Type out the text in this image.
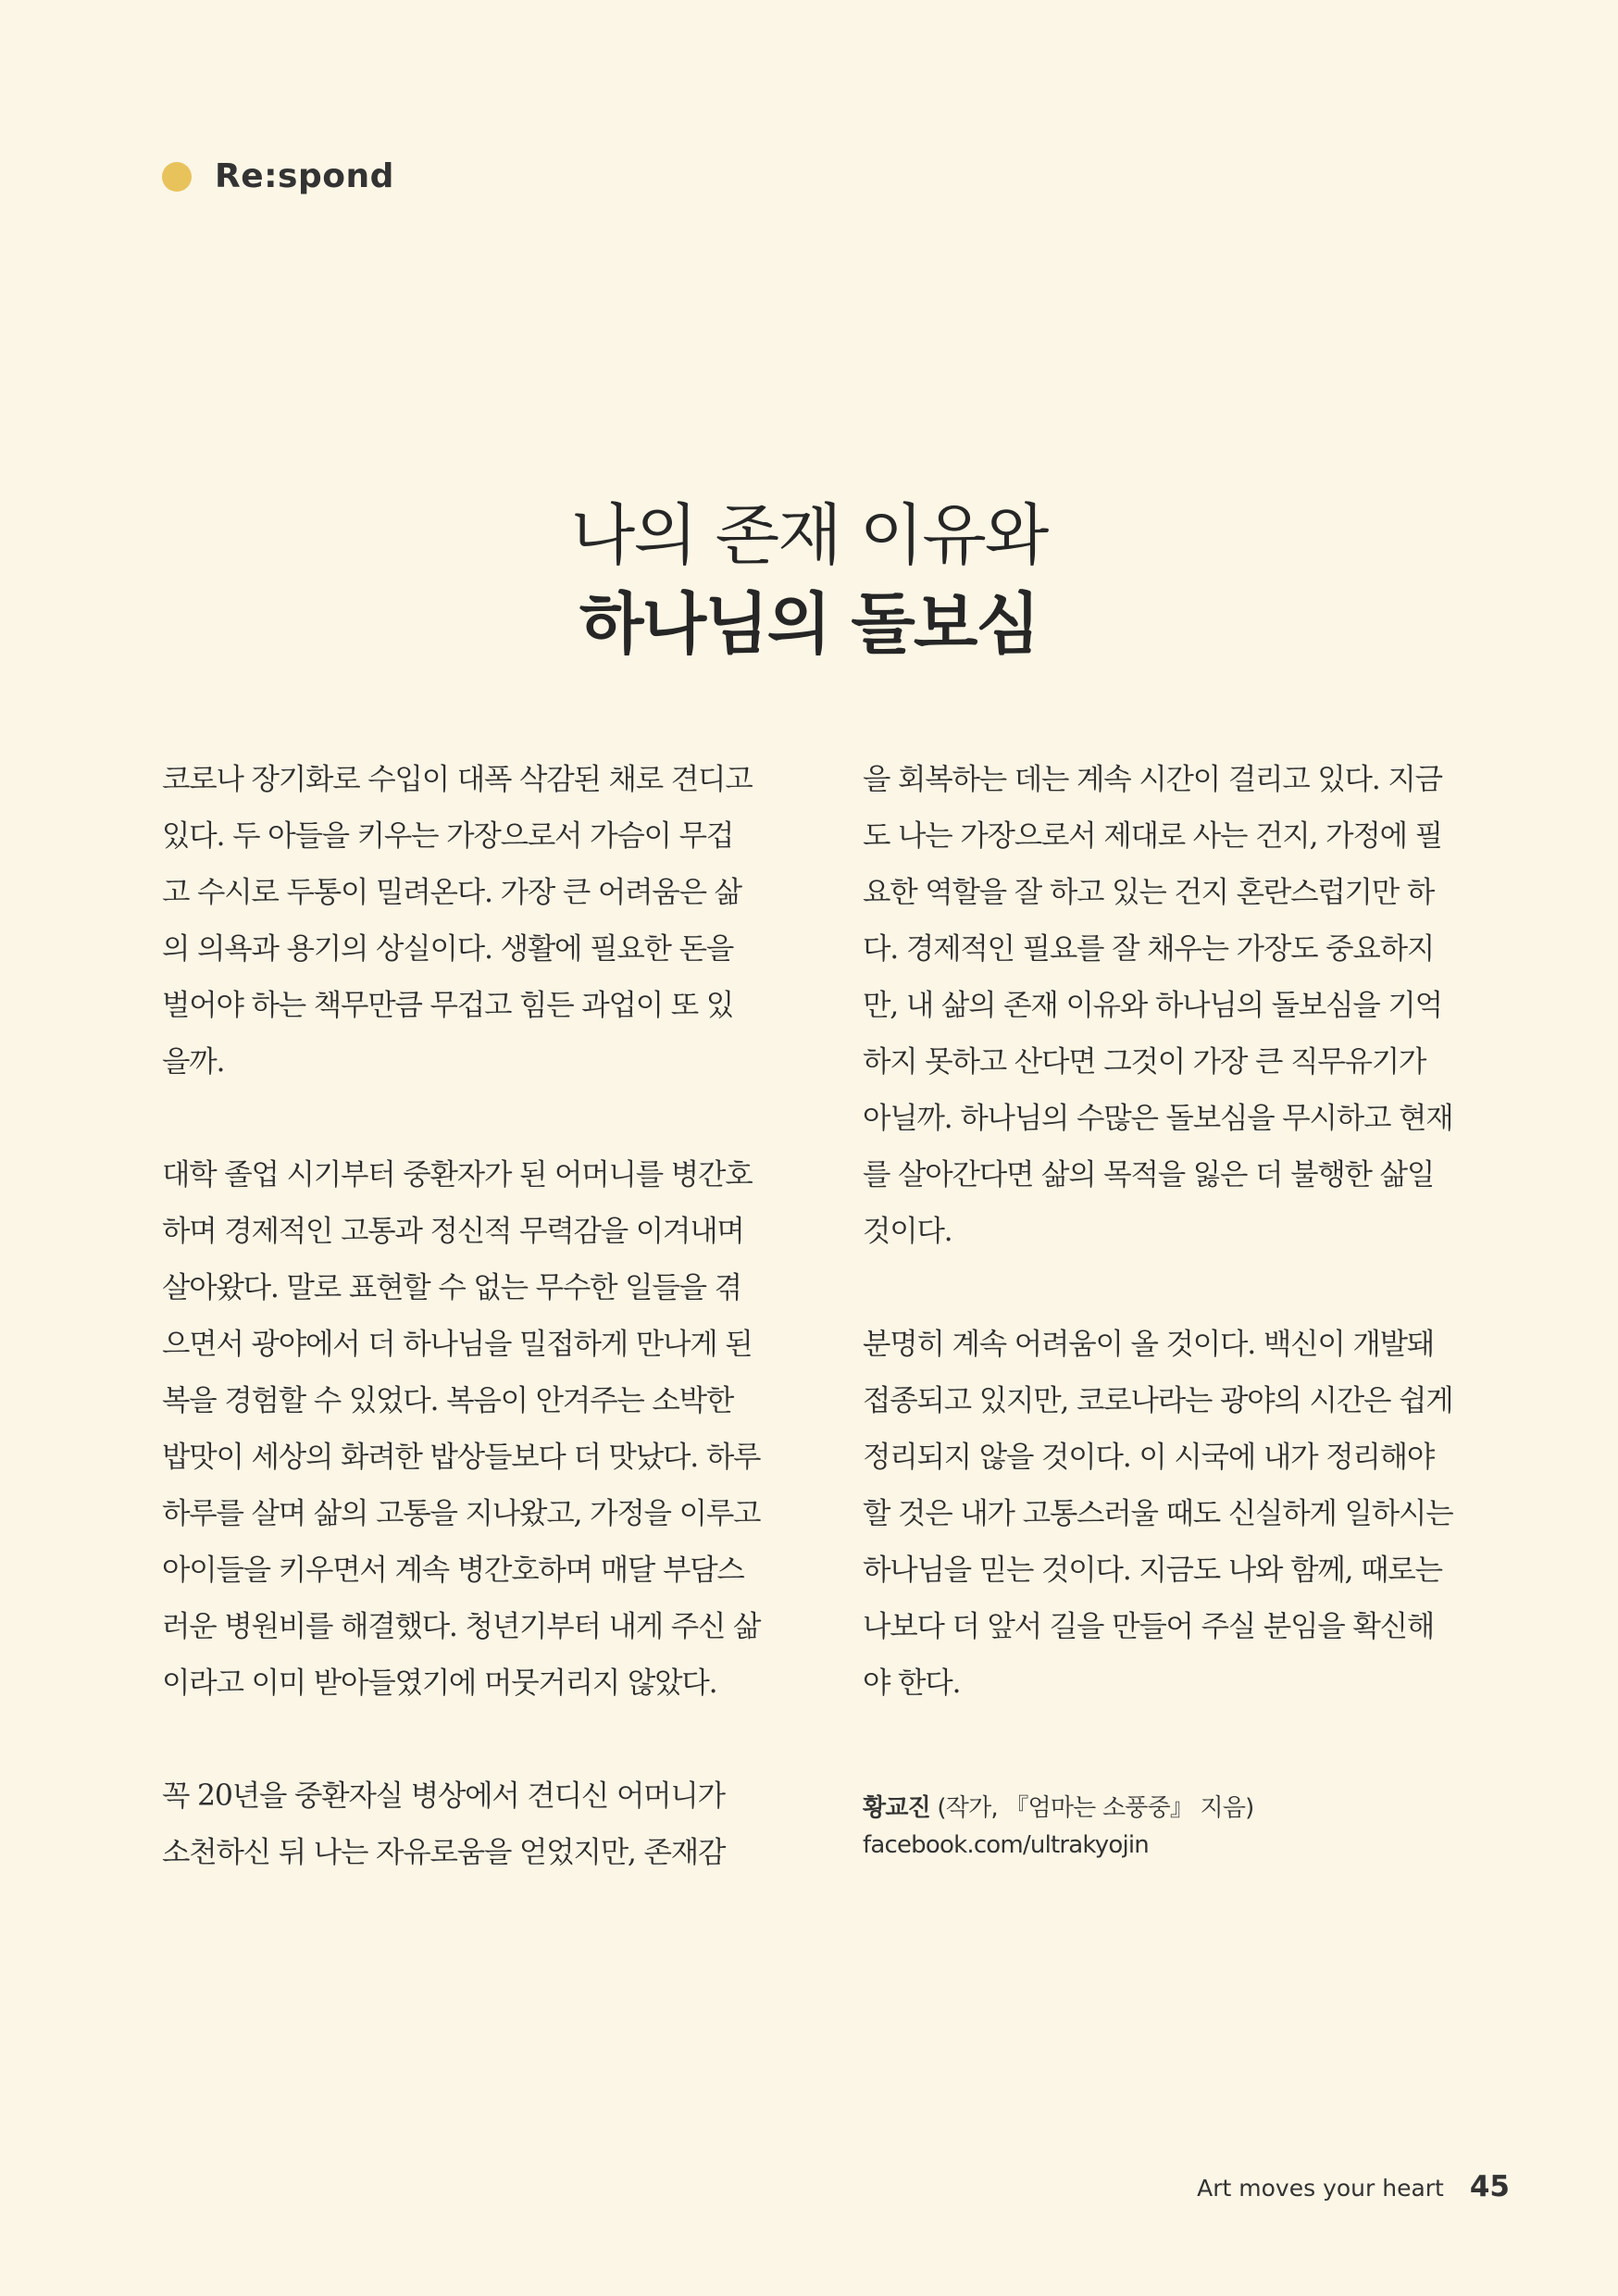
Re:spond
나의 존재 이유와
하나님의 돌보심

코로나 장기화로 수입이 대폭 삭감된 채로 견디고
있다. 두 아들을 키우는 가장으로서 가슴이 무겁
고 수시로 두통이 밀려온다. 가장 큰 어려움은 삶
의 의욕과 용기의 상실이다. 생활에 필요한 돈을
벌어야 하는 책무만큼 무겁고 힘든 과업이 또 있
을까.

대학 졸업 시기부터 중환자가 된 어머니를 병간호
하며 경제적인 고통과 정신적 무력감을 이겨내며
살아왔다. 말로 표현할 수 없는 무수한 일들을 겪
으면서 광야에서 더 하나님을 밀접하게 만나게 된
복을 경험할 수 있었다. 복음이 안겨주는 소박한
밥맛이 세상의 화려한 밥상들보다 더 맛났다. 하루
하루를 살며 삶의 고통을 지나왔고, 가정을 이루고
아이들을 키우면서 계속 병간호하며 매달 부담스
러운 병원비를 해결했다. 청년기부터 내게 주신 삶
이라고 이미 받아들였기에 머뭇거리지 않았다.

꼭 20년을 중환자실 병상에서 견디신 어머니가
소천하신 뒤 나는 자유로움을 얻었지만, 존재감

을 회복하는 데는 계속 시간이 걸리고 있다. 지금
도 나는 가장으로서 제대로 사는 건지, 가정에 필
요한 역할을 잘 하고 있는 건지 혼란스럽기만 하
다. 경제적인 필요를 잘 채우는 가장도 중요하지
만, 내 삶의 존재 이유와 하나님의 돌보심을 기억
하지 못하고 산다면 그것이 가장 큰 직무유기가
아닐까. 하나님의 수많은 돌보심을 무시하고 현재
를 살아간다면 삶의 목적을 잃은 더 불행한 삶일
것이다.

분명히 계속 어려움이 올 것이다. 백신이 개발돼
접종되고 있지만, 코로나라는 광야의 시간은 쉽게
정리되지 않을 것이다. 이 시국에 내가 정리해야
할 것은 내가 고통스러울 때도 신실하게 일하시는
하나님을 믿는 것이다. 지금도 나와 함께, 때로는
나보다 더 앞서 길을 만들어 주실 분임을 확신해
야 한다.

황교진 (작가, 『엄마는 소풍중』 지음)
facebook.com/ultrakyojin
Art moves your heart 45
